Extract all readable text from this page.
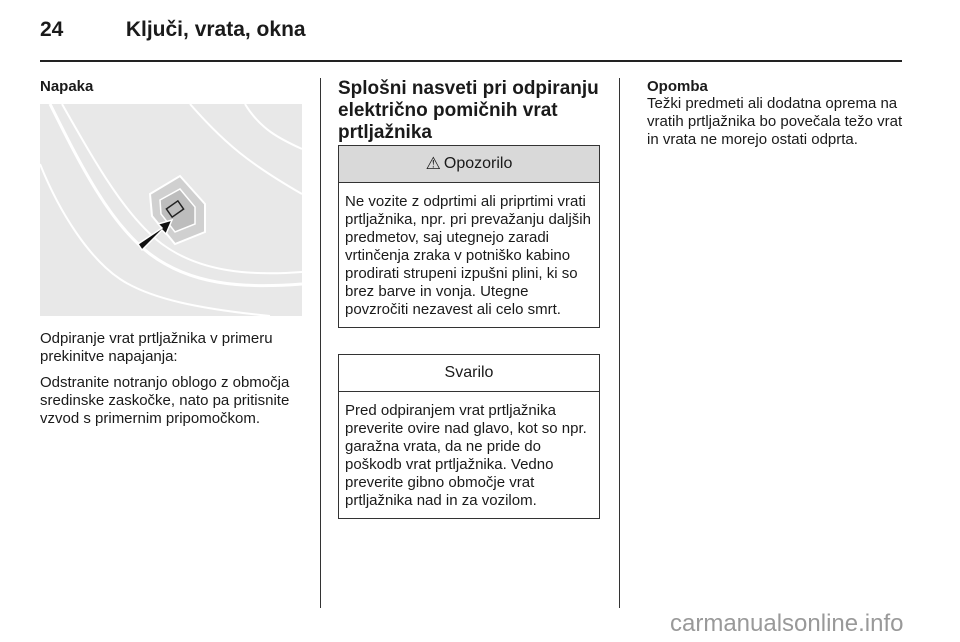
24	Ključi, vrata, okna
Napaka

Odpiranje vrat prtljažnika v primeru prekinitve napajanja:

Odstranite notranjo oblogo z območja sredinske zaskočke, nato pa pritisnite vzvod s primernim pripomočkom.

Splošni nasveti pri odpiranju električno pomičnih vrat prtljažnika

⚠ Opozorilo
Ne vozite z odprtimi ali priprtimi vrati prtljažnika, npr. pri prevažanju daljših predmetov, saj utegnejo zaradi vrtinčenja zraka v potniško kabino prodirati strupeni izpušni plini, ki so brez barve in vonja. Utegne povzročiti nezavest ali celo smrt.
Svarilo
Pred odpiranjem vrat prtljažnika preverite ovire nad glavo, kot so npr. garažna vrata, da ne pride do poškodb vrat prtljažnika. Vedno preverite gibno območje vrat prtljažnika nad in za vozilom.
Opomba

Težki predmeti ali dodatna oprema na vratih prtljažnika bo povečala težo vrat in vrata ne morejo ostati odprta.

carmanualsonline.info
